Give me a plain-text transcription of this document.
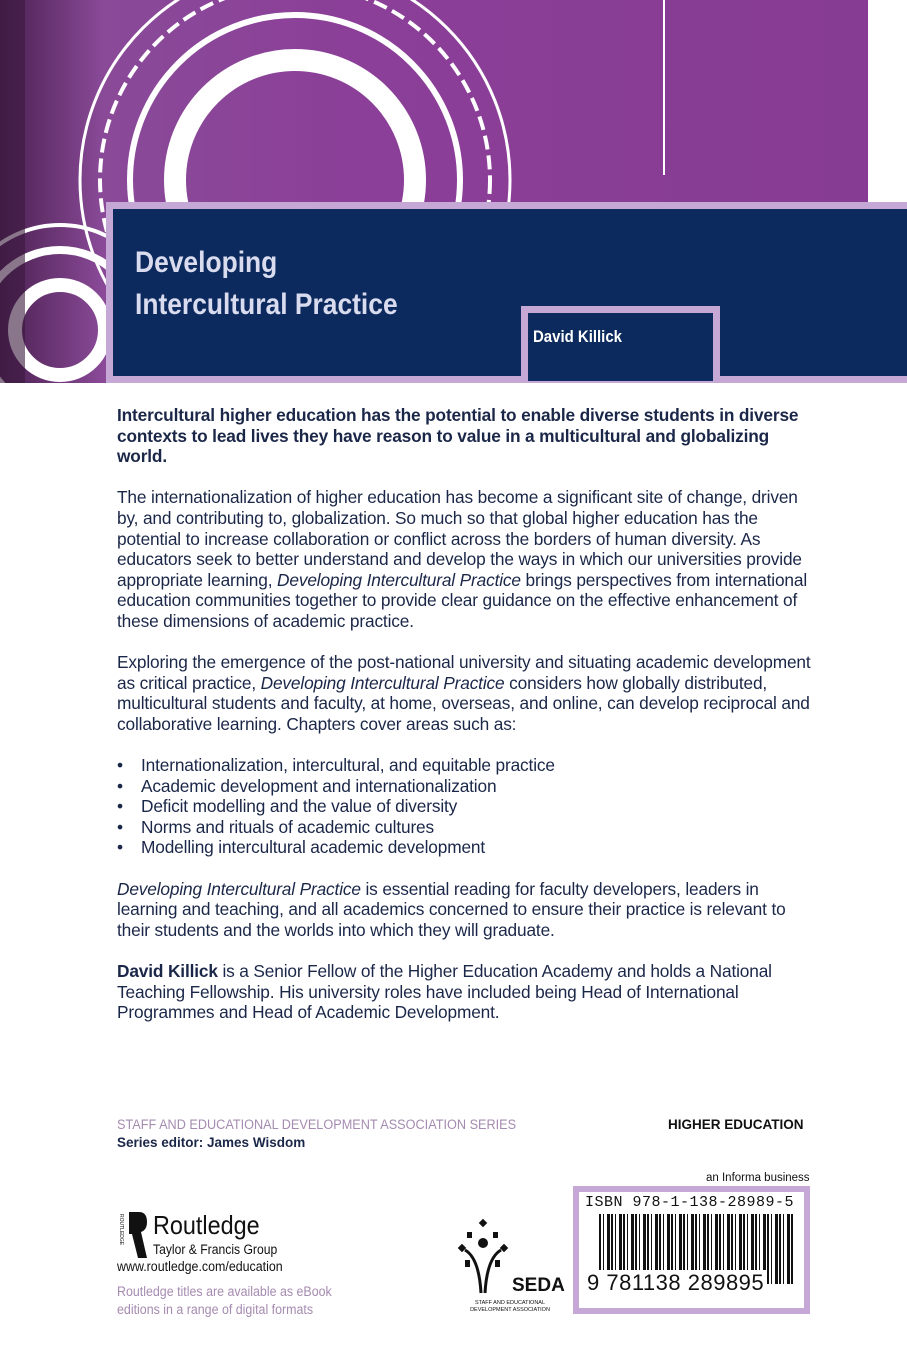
Developing
Intercultural Practice
David Killick

Intercultural higher education has the potential to enable diverse students in diverse contexts to lead lives they have reason to value in a multicultural and globalizing world.

The internationalization of higher education has become a significant site of change, driven by, and contributing to, globalization. So much so that global higher education has the potential to increase collaboration or conflict across the borders of human diversity. As educators seek to better understand and develop the ways in which our universities provide appropriate learning, Developing Intercultural Practice brings perspectives from international education communities together to provide clear guidance on the effective enhancement of these dimensions of academic practice.

Exploring the emergence of the post-national university and situating academic development as critical practice, Developing Intercultural Practice considers how globally distributed, multicultural students and faculty, at home, overseas, and online, can develop reciprocal and collaborative learning. Chapters cover areas such as:

• Internationalization, intercultural, and equitable practice
• Academic development and internationalization
• Deficit modelling and the value of diversity
• Norms and rituals of academic cultures
• Modelling intercultural academic development

Developing Intercultural Practice is essential reading for faculty developers, leaders in learning and teaching, and all academics concerned to ensure their practice is relevant to their students and the worlds into which they will graduate.

David Killick is a Senior Fellow of the Higher Education Academy and holds a National Teaching Fellowship. His university roles have included being Head of International Programmes and Head of Academic Development.

STAFF AND EDUCATIONAL DEVELOPMENT ASSOCIATION SERIES
Series editor: James Wisdom
HIGHER EDUCATION
an Informa business
ISBN 978-1-138-28989-5
9 781138 289895
ROUTLEDGE Routledge
Taylor & Francis Group
www.routledge.com/education
Routledge titles are available as eBook
editions in a range of digital formats
SEDA
STAFF AND EDUCATIONAL DEVELOPMENT ASSOCIATION
